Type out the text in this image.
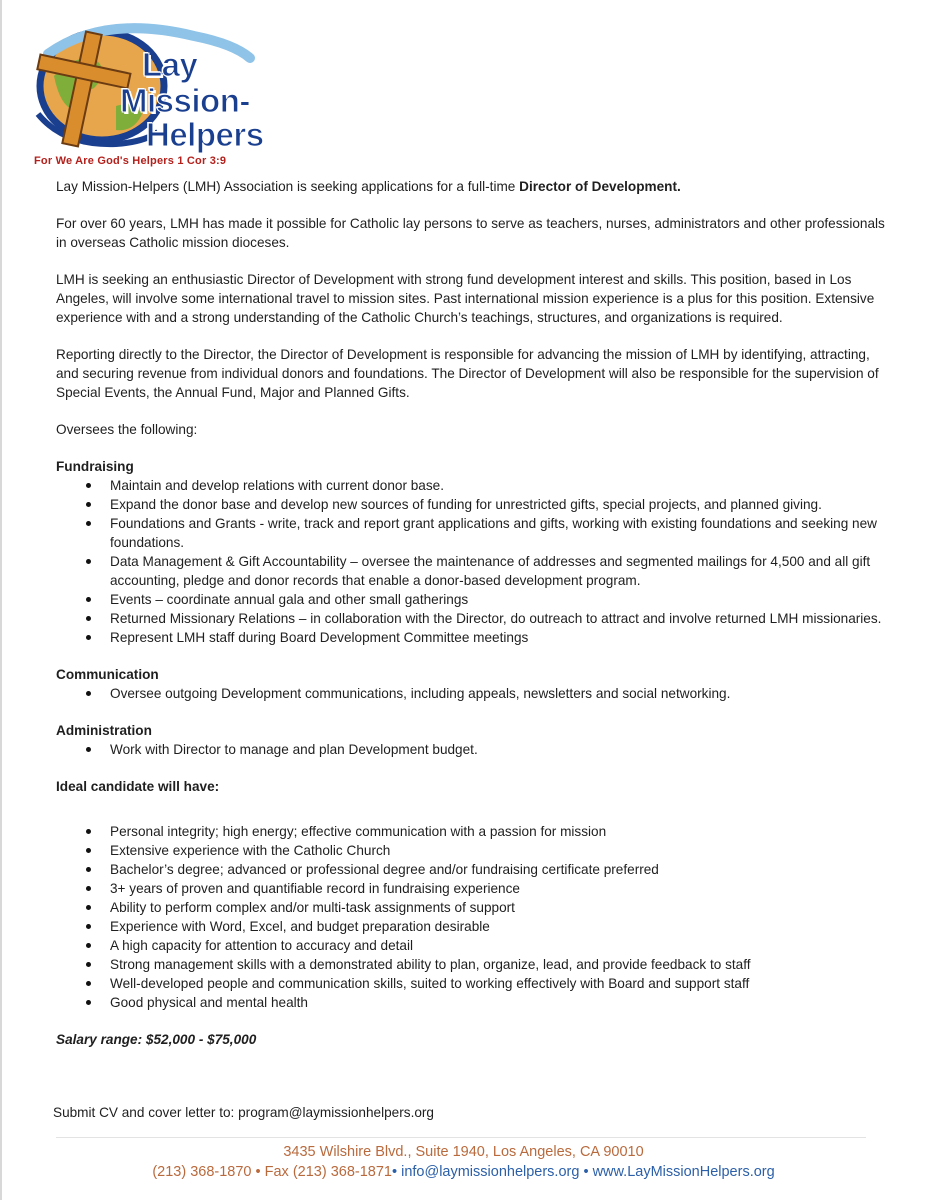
Lay
Mission-
Helpers
For We Are God's Helpers 1 Cor 3:9

Lay Mission-Helpers (LMH) Association is seeking applications for a full-time Director of Development.

For over 60 years, LMH has made it possible for Catholic lay persons to serve as teachers, nurses, administrators and other professionals in overseas Catholic mission dioceses.

LMH is seeking an enthusiastic Director of Development with strong fund development interest and skills. This position, based in Los Angeles, will involve some international travel to mission sites. Past international mission experience is a plus for this position. Extensive experience with and a strong understanding of the Catholic Church’s teachings, structures, and organizations is required.

Reporting directly to the Director, the Director of Development is responsible for advancing the mission of LMH by identifying, attracting, and securing revenue from individual donors and foundations. The Director of Development will also be responsible for the supervision of Special Events, the Annual Fund, Major and Planned Gifts.

Oversees the following:

Fundraising

Maintain and develop relations with current donor base.
Expand the donor base and develop new sources of funding for unrestricted gifts, special projects, and planned giving.
Foundations and Grants - write, track and report grant applications and gifts, working with existing foundations and seeking new foundations.
Data Management & Gift Accountability – oversee the maintenance of addresses and segmented mailings for 4,500 and all gift accounting, pledge and donor records that enable a donor-based development program.
Events – coordinate annual gala and other small gatherings
Returned Missionary Relations – in collaboration with the Director, do outreach to attract and involve returned LMH missionaries.
Represent LMH staff during Board Development Committee meetings

Communication

Oversee outgoing Development communications, including appeals, newsletters and social networking.

Administration

Work with Director to manage and plan Development budget.

Ideal candidate will have:

Personal integrity; high energy; effective communication with a passion for mission
Extensive experience with the Catholic Church
Bachelor’s degree; advanced or professional degree and/or fundraising certificate preferred
3+ years of proven and quantifiable record in fundraising experience
Ability to perform complex and/or multi-task assignments of support
Experience with Word, Excel, and budget preparation desirable
A high capacity for attention to accuracy and detail
Strong management skills with a demonstrated ability to plan, organize, lead, and provide feedback to staff
Well-developed people and communication skills, suited to working effectively with Board and support staff
Good physical and mental health

Salary range: $52,000 - $75,000

Submit CV and cover letter to: program@laymissionhelpers.org

3435 Wilshire Blvd., Suite 1940, Los Angeles, CA 90010
(213) 368-1870 • Fax (213) 368-1871• info@laymissionhelpers.org • www.LayMissionHelpers.org
